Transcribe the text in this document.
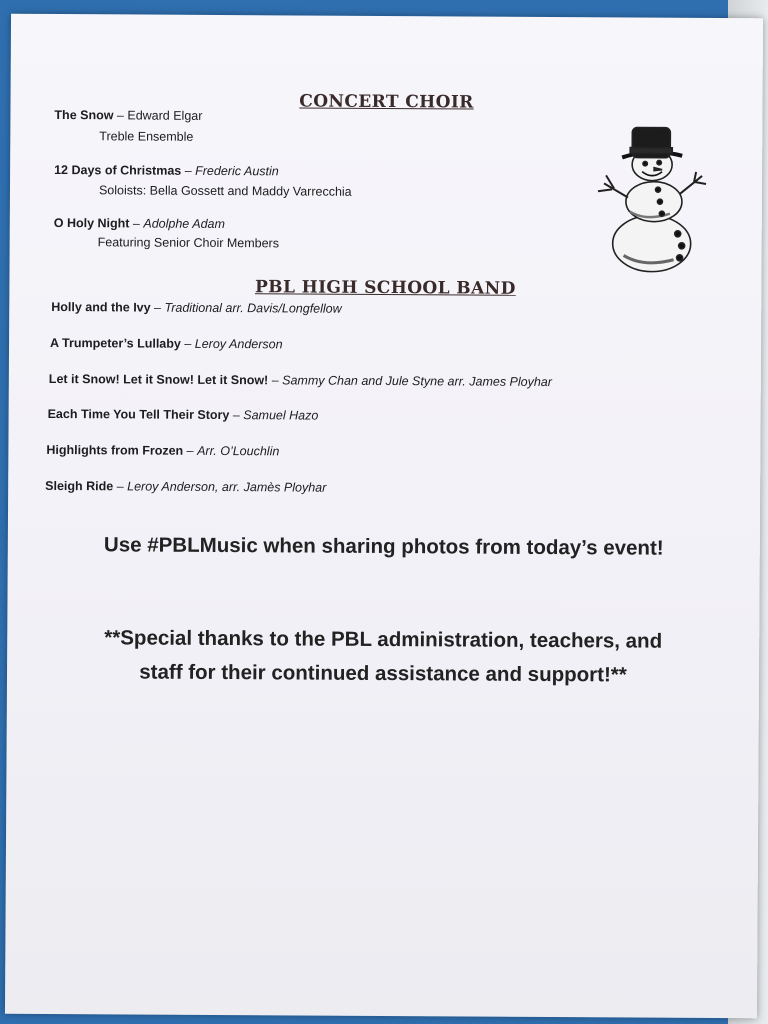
CONCERT CHOIR
The Snow – Edward Elgar
Treble Ensemble
12 Days of Christmas – Frederic Austin
Soloists: Bella Gossett and Maddy Varrecchia
O Holy Night – Adolphe Adam
Featuring Senior Choir Members
PBL HIGH SCHOOL BAND
Holly and the Ivy – Traditional arr. Davis/Longfellow
A Trumpeter’s Lullaby – Leroy Anderson
Let it Snow! Let it Snow! Let it Snow! – Sammy Chan and Jule Styne arr. James Ployhar
Each Time You Tell Their Story – Samuel Hazo
Highlights from Frozen – Arr. O’Louchlin
Sleigh Ride – Leroy Anderson, arr. Jamès Ployhar
Use #PBLMusic when sharing photos from today’s event!
**Special thanks to the PBL administration, teachers, and
staff for their continued assistance and support!**
